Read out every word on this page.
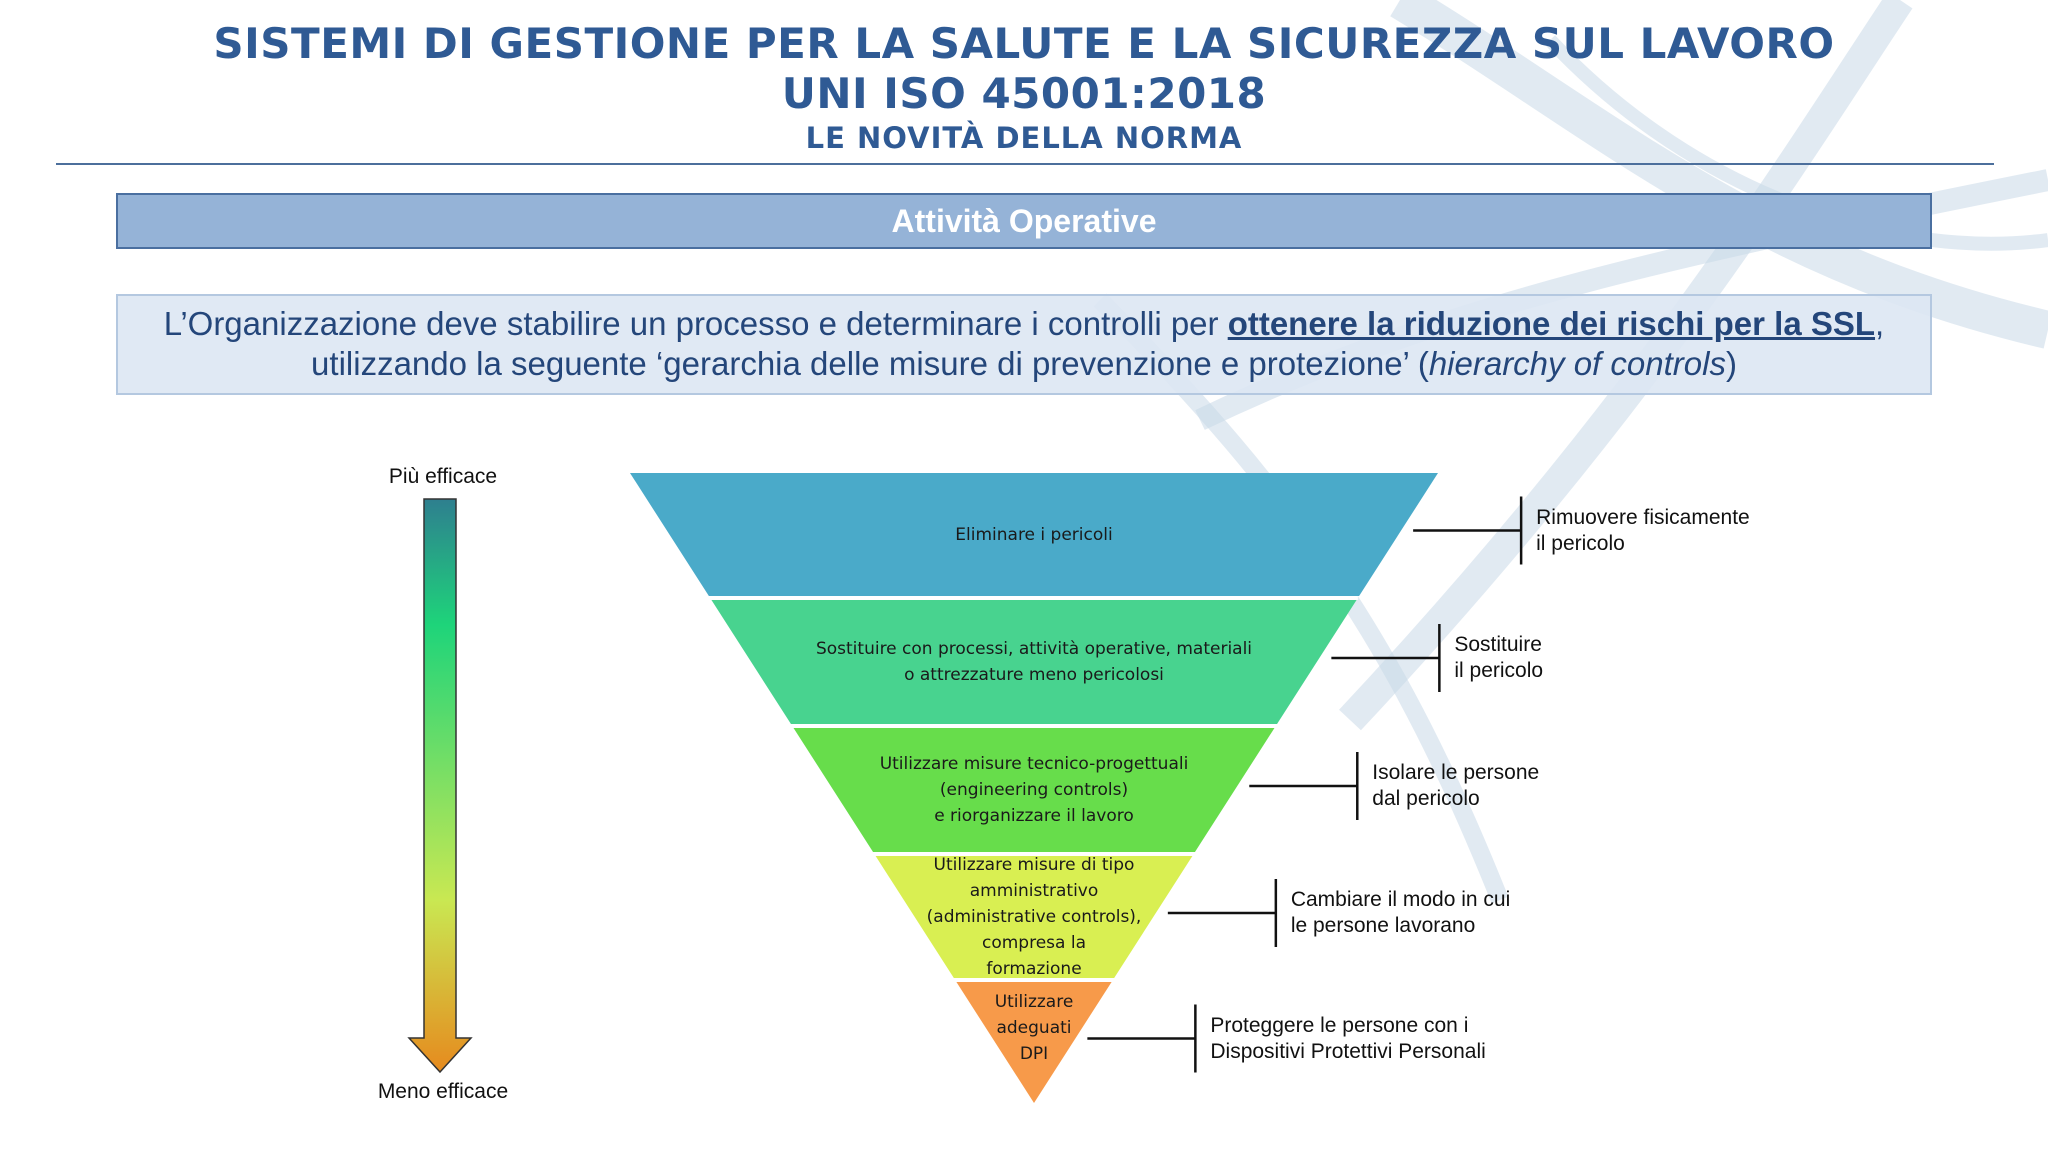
SISTEMI DI GESTIONE PER LA SALUTE E LA SICUREZZA SUL LAVORO
UNI ISO 45001:2018
LE NOVITÀ DELLA NORMA
Attività Operative
L’Organizzazione deve stabilire un processo e determinare i controlli per ottenere la riduzione dei rischi per la SSL,
utilizzando la seguente ‘gerarchia delle misure di prevenzione e protezione’ (hierarchy of controls)
Più efficace
Meno efficace
Eliminare i pericoli
Rimuovere fisicamente
il pericolo
Sostituire con processi, attività operative, materiali
o attrezzature meno pericolosi
Sostituire
il pericolo
Utilizzare misure tecnico-progettuali
(engineering controls)
e riorganizzare il lavoro
Isolare le persone
dal pericolo
Utilizzare misure di tipo
amministrativo
(administrative controls),
compresa la
formazione
Cambiare il modo in cui
le persone lavorano
Utilizzare
adeguati
DPI
Proteggere le persone con i
Dispositivi Protettivi Personali
